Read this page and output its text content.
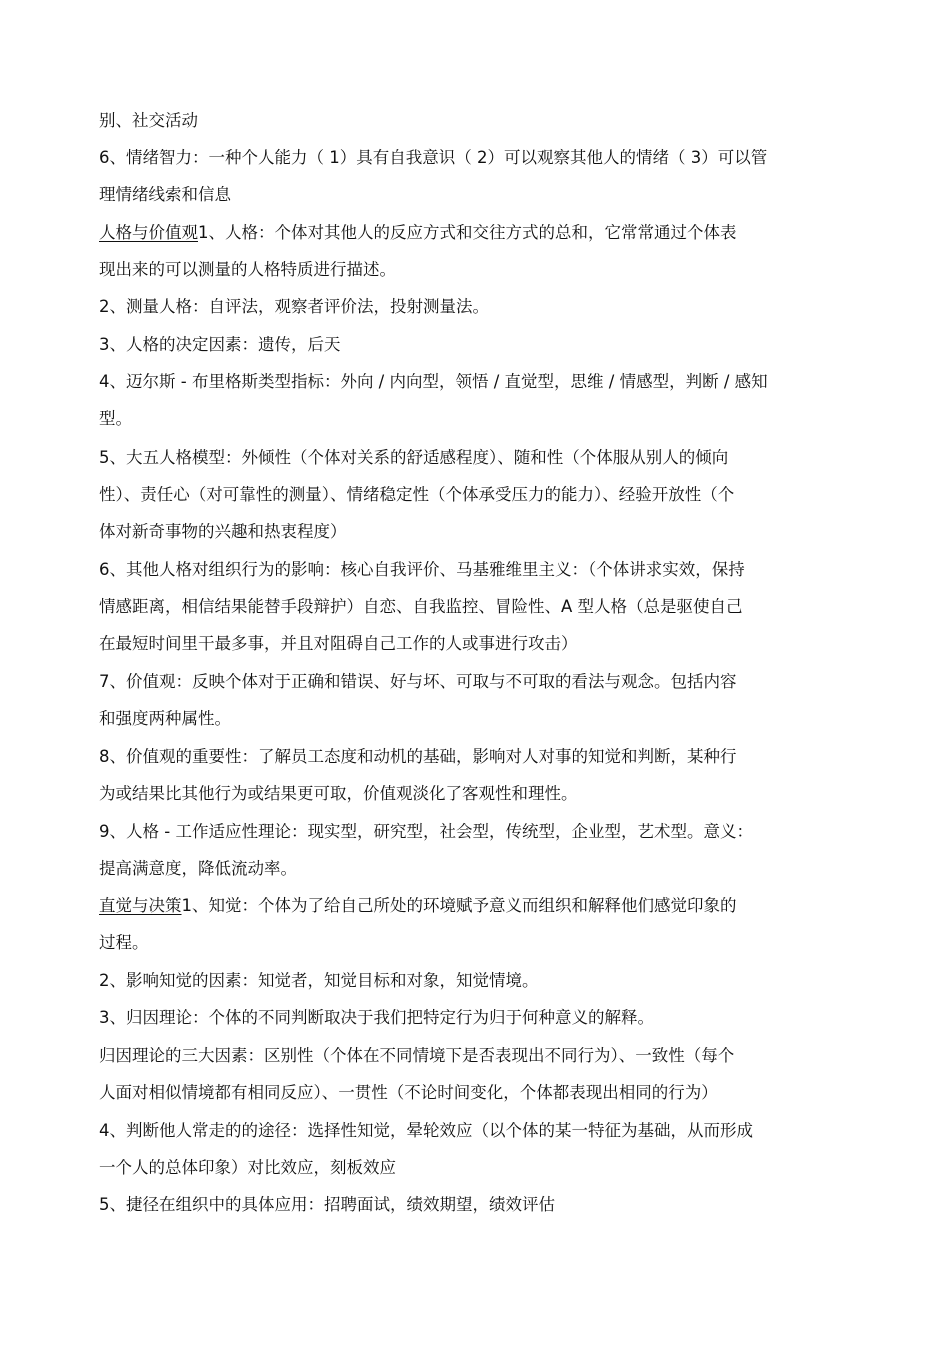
别、社交活动
6、情绪智力：一种个人能力（ 1）具有自我意识（ 2）可以观察其他人的情绪（ 3）可以管
理情绪线索和信息
人格与价值观1、人格：个体对其他人的反应方式和交往方式的总和，它常常通过个体表
现出来的可以测量的人格特质进行描述。
2、测量人格：自评法，观察者评价法，投射测量法。
3、人格的决定因素：遗传，后天
4、迈尔斯 - 布里格斯类型指标：外向 / 内向型，领悟 / 直觉型，思维 / 情感型，判断 / 感知
型。
5、大五人格模型：外倾性（个体对关系的舒适感程度）、随和性（个体服从别人的倾向
性）、责任心（对可靠性的测量）、情绪稳定性（个体承受压力的能力）、经验开放性（个
体对新奇事物的兴趣和热衷程度）
6、其他人格对组织行为的影响：核心自我评价、马基雅维里主义：（个体讲求实效，保持
情感距离，相信结果能替手段辩护）自恋、自我监控、冒险性、A 型人格（总是驱使自己
在最短时间里干最多事，并且对阻碍自己工作的人或事进行攻击）
7、价值观：反映个体对于正确和错误、好与坏、可取与不可取的看法与观念。包括内容
和强度两种属性。
8、价值观的重要性：了解员工态度和动机的基础，影响对人对事的知觉和判断，某种行
为或结果比其他行为或结果更可取，价值观淡化了客观性和理性。
9、人格 - 工作适应性理论：现实型，研究型，社会型，传统型，企业型，艺术型。意义：
提高满意度，降低流动率。
直觉与决策1、知觉：个体为了给自己所处的环境赋予意义而组织和解释他们感觉印象的
过程。
2、影响知觉的因素：知觉者，知觉目标和对象，知觉情境。
3、归因理论：个体的不同判断取决于我们把特定行为归于何种意义的解释。
归因理论的三大因素：区别性（个体在不同情境下是否表现出不同行为）、一致性（每个
人面对相似情境都有相同反应）、一贯性（不论时间变化，个体都表现出相同的行为）
4、判断他人常走的的途径：选择性知觉，晕轮效应（以个体的某一特征为基础，从而形成
一个人的总体印象）对比效应，刻板效应
5、捷径在组织中的具体应用：招聘面试，绩效期望，绩效评估
